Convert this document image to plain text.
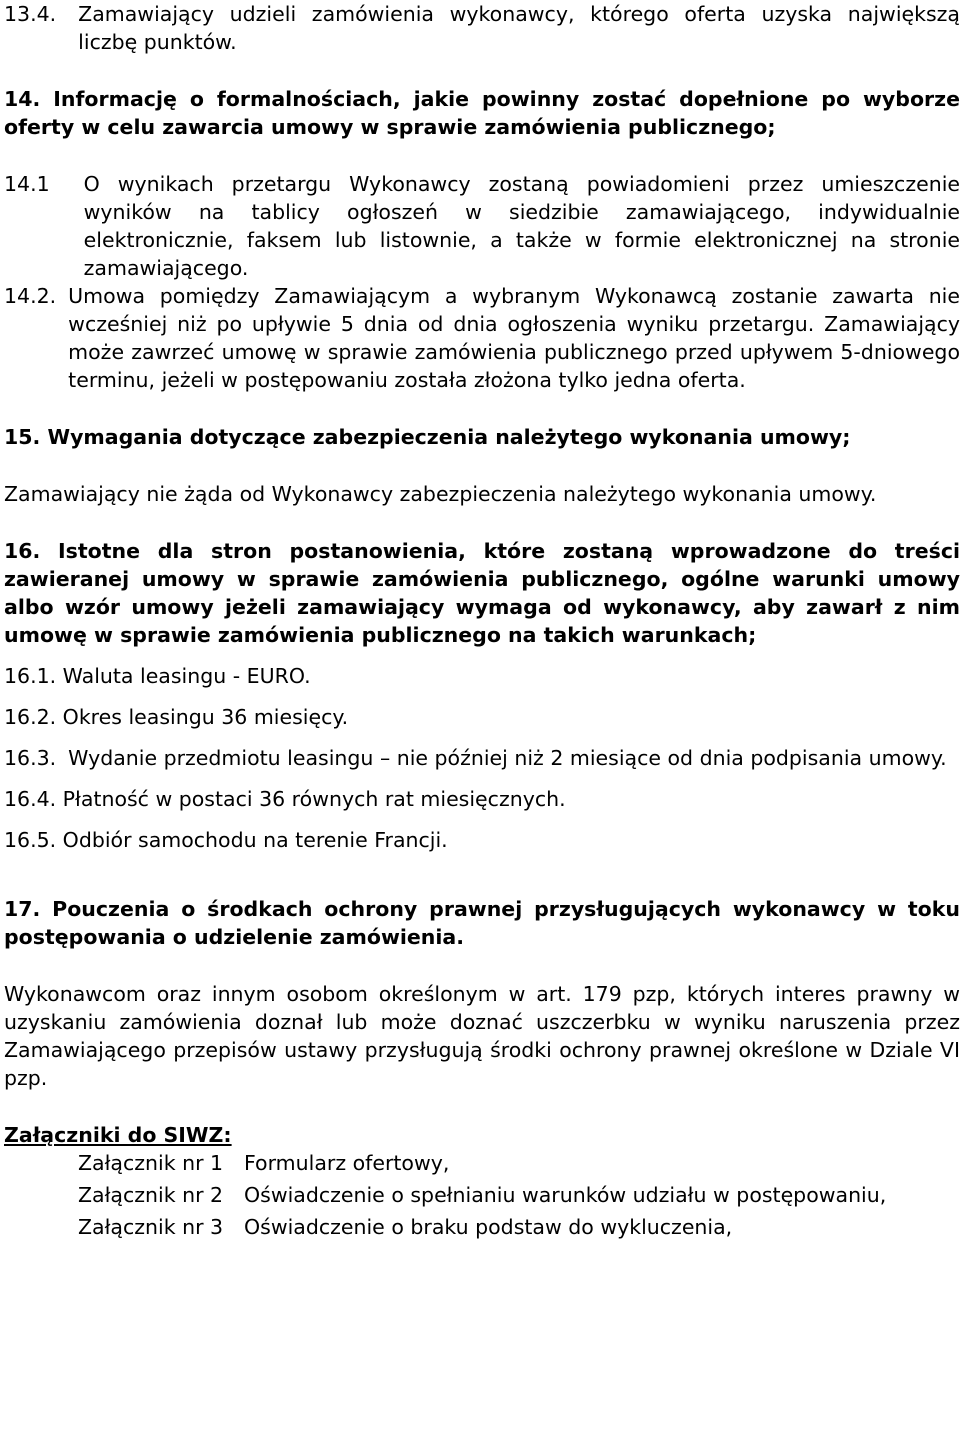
13.4.	Zamawiający udzieli zamówienia wykonawcy, którego oferta uzyska największą liczbę punktów.

14. Informację o formalnościach, jakie powinny zostać dopełnione po wyborze oferty w celu zawarcia umowy w sprawie zamówienia publicznego;

14.1	O wynikach przetargu Wykonawcy zostaną powiadomieni przez umieszczenie wyników na tablicy ogłoszeń w siedzibie zamawiającego, indywidualnie elektronicznie, faksem lub listownie, a także w formie elektronicznej na stronie zamawiającego.
14.2. Umowa pomiędzy Zamawiającym a wybranym Wykonawcą zostanie zawarta nie wcześniej niż po upływie 5 dnia od dnia ogłoszenia wyniku przetargu. Zamawiający może zawrzeć umowę w sprawie zamówienia publicznego przed upływem 5-dniowego terminu, jeżeli w postępowaniu została złożona tylko jedna oferta.

15. Wymagania dotyczące zabezpieczenia należytego wykonania umowy;

Zamawiający nie żąda od Wykonawcy zabezpieczenia należytego wykonania umowy.

16. Istotne dla stron postanowienia, które zostaną wprowadzone do treści zawieranej umowy w sprawie zamówienia publicznego, ogólne warunki umowy albo wzór umowy jeżeli zamawiający wymaga od wykonawcy, aby zawarł z nim umowę w sprawie zamówienia publicznego na takich warunkach;

16.1. Waluta leasingu - EURO.

16.2. Okres leasingu 36 miesięcy.

16.3. Wydanie przedmiotu leasingu – nie później niż 2 miesiące od dnia podpisania umowy.

16.4. Płatność w postaci 36 równych rat miesięcznych.

16.5. Odbiór samochodu na terenie Francji.

17. Pouczenia o środkach ochrony prawnej przysługujących wykonawcy w toku postępowania o udzielenie zamówienia.

Wykonawcom oraz innym osobom określonym w art. 179 pzp, których interes prawny w uzyskaniu zamówienia doznał lub może doznać uszczerbku w wyniku naruszenia przez Zamawiającego przepisów ustawy przysługują środki ochrony prawnej określone w Dziale VI pzp.

Załączniki do SIWZ:

Załącznik nr 1	Formularz ofertowy,
Załącznik nr 2	Oświadczenie o spełnianiu warunków udziału w postępowaniu,
Załącznik nr 3	Oświadczenie o braku podstaw do wykluczenia,
